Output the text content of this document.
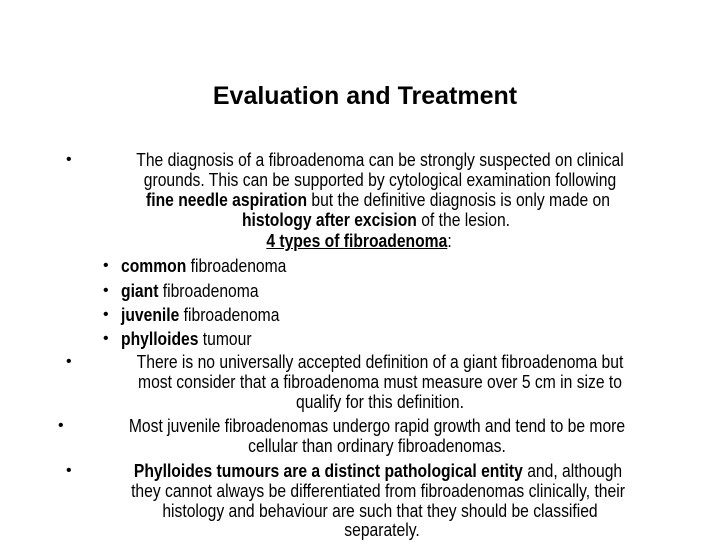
Evaluation and Treatment
•	The diagnosis of a fibroadenoma can be strongly suspected on clinical
grounds. This can be supported by cytological examination following
fine needle aspiration but the definitive diagnosis is only made on
histology after excision of the lesion.
4 types of fibroadenoma:
•	There is no universally accepted definition of a giant fibroadenoma but
most consider that a fibroadenoma must measure over 5 cm in size to
qualify for this definition.
•	Most juvenile fibroadenomas undergo rapid growth and tend to be more
cellular than ordinary fibroadenomas.
•	Phylloides tumours are a distinct pathological entity and, although
they cannot always be differentiated from fibroadenomas clinically, their
histology and behaviour are such that they should be classified
separately.
• common fibroadenoma
• giant fibroadenoma
• juvenile fibroadenoma
• phylloides tumour
